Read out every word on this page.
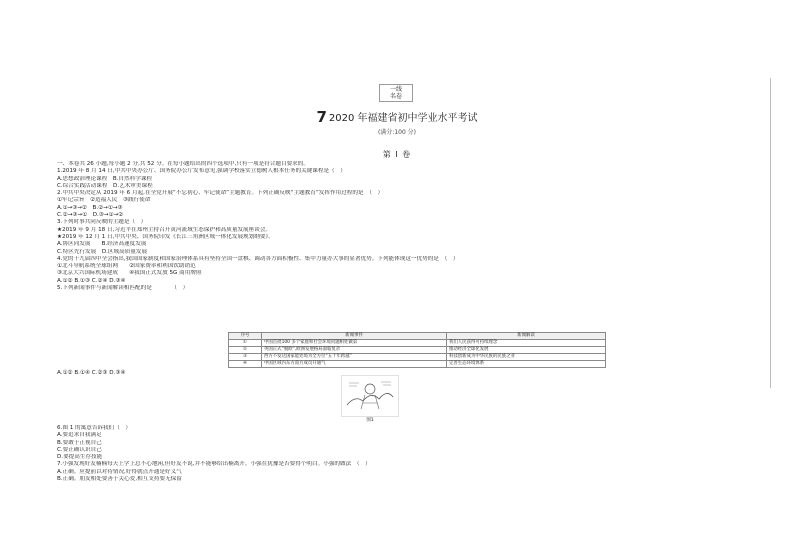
一线
名卷
7 2020 年福建省初中学业水平考试
(满分:100 分)
第 Ⅰ 卷
一、本卷共 26 小题,每小题 2 分,共 52 分。在每小题给出的四个选项中,只有一项是符合题目要求的。
1.2019 年 8 月 14 日,中共中央办公厅、国务院办公厅发布意见,强调学校落实立德树人根本任务的关键课程是（　）
A.思想政治理论课程　B.自然科学课程
C.综合实践活动课程　D.艺术审美课程
2.中共中央决定从 2019 年 6 月起,在全党开展“不忘初心、牢记使命”主题教育。下列正确反映“主题教育”发挥作用过程的是　（　）
①牢记宗旨　②造福人民　③践行使命
A.①→③→②　B.②→①→③
C.②→③→①　D.③→①→②
3.下列时事共同反映的主题是（　）
★2019 年 9 月 18 日,习近平在郑州主持召开黄河流域生态保护和高质量发展座谈会。
★2019 年 12 月 1 日,中共中央、国务院印发《长江三角洲区域一体化发展规划纲要》。
A.协区同发展　　B.经济高速度发展
C.特区先行发展　D.区域高质量发展
4.党的十九届四中全会指出,我国国家制度和国家治理体系具有坚持全国一盘棋、调动各方面积极性、集中力量办大事的显著优势。下列能体现这一优势的是　（　）
①北斗导航系统全球组网　　②国家费率和利国饮助销范
③北京大兴国际机场建成　　④我国正式发放 5G 商用牌照
A.①② B.①③ C.②④ D.③④
5.下列新闻事件与新闻解读相匹配的是　　　　（　）
序号	新闻事件	新闻解读
①	中国首批100 多个家庭和社会环境问题相处做第	我们人民获得可持续理念
②	英国正式“脱欧”,欧洲发展格局面临复杂	推动经济全球化发展
③	西方不发达国家能处境为全方位“五十年跨越”	科技创新成为中华民族的民族之业
④	中国区域内东方南方成员开通气	完善生态环境体系
A.①② B.①④ C.②③ D.③④
图1
6.图 1 的寓意告诉我们（　）
A.要追求自我满足
B.要敢于正视自己
C.要正确认识自己
D.要提高生存技能
7.小强发现好友楠楠每天上学上总不心地闲,但好友不说,并不能够给出楠离开。小强在犹豫是否要得个明白。小强的做法　（　）
A.正确。应提前以对待情况,好得就点开通是好义气
B.正确。朋友相处要善于关心爱,相互支持要无保留
